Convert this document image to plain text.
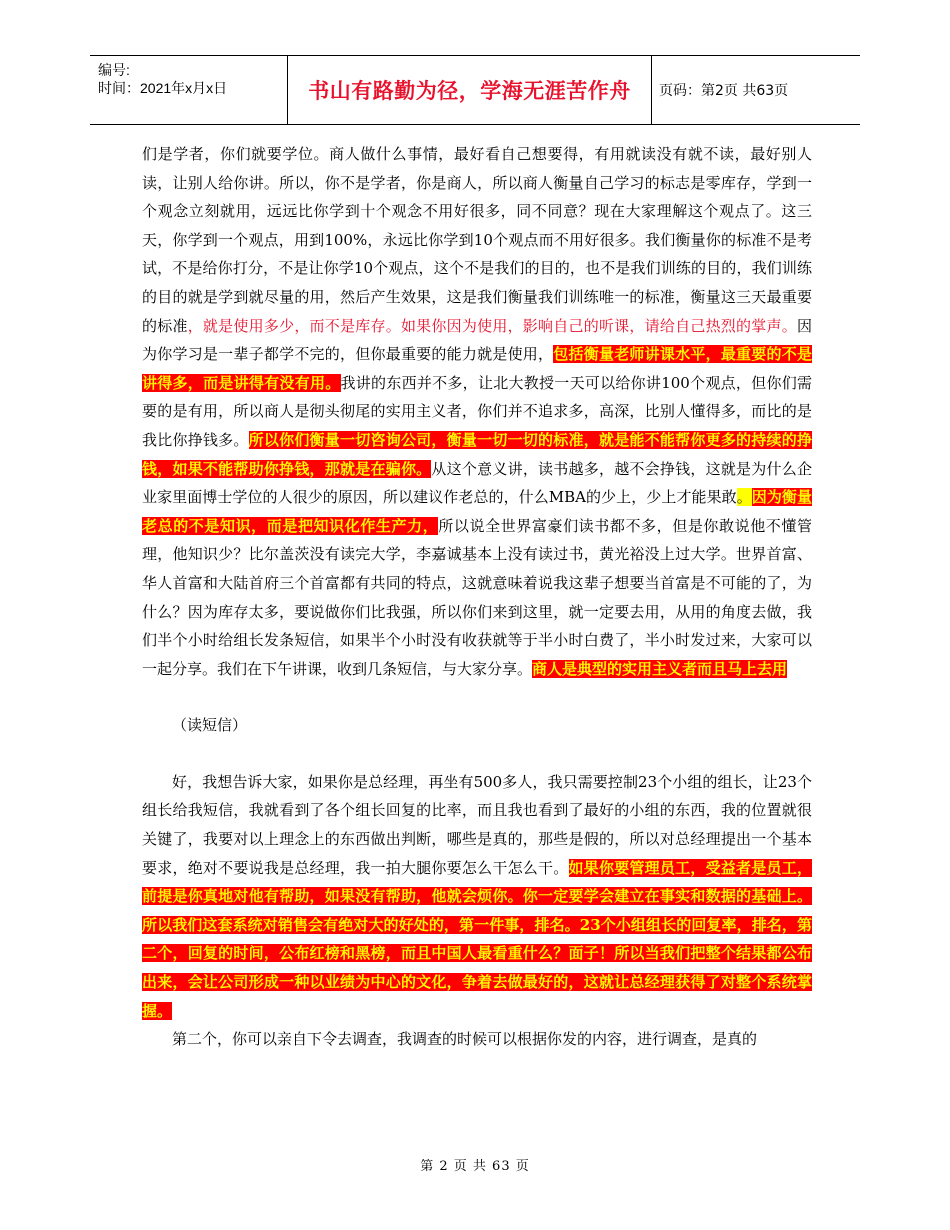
编号:
时间：2021年x月x日	书山有路勤为径，学海无涯苦作舟	页码：第2页 共63页

们是学者，你们就要学位。商人做什么事情，最好看自己想要得，有用就读没有就不读，最好别人读，让别人给你讲。所以，你不是学者，你是商人，所以商人衡量自己学习的标志是零库存，学到一个观念立刻就用，远远比你学到十个观念不用好很多，同不同意？现在大家理解这个观点了。这三天，你学到一个观点，用到100%，永远比你学到10个观点而不用好很多。我们衡量你的标准不是考试，不是给你打分，不是让你学10个观点，这个不是我们的目的，也不是我们训练的目的，我们训练的目的就是学到就尽量的用，然后产生效果，这是我们衡量我们训练唯一的标准，衡量这三天最重要的标准，就是使用多少，而不是库存。如果你因为使用，影响自己的听课，请给自己热烈的掌声。因为你学习是一辈子都学不完的，但你最重要的能力就是使用，包括衡量老师讲课水平，最重要的不是讲得多，而是讲得有没有用。我讲的东西并不多，让北大教授一天可以给你讲100个观点，但你们需要的是有用，所以商人是彻头彻尾的实用主义者，你们并不追求多，高深，比别人懂得多，而比的是我比你挣钱多。所以你们衡量一切咨询公司，衡量一切一切的标准，就是能不能帮你更多的持续的挣钱，如果不能帮助你挣钱，那就是在骗你。从这个意义讲，读书越多，越不会挣钱，这就是为什么企业家里面博士学位的人很少的原因，所以建议作老总的，什么MBA的少上，少上才能果敢。因为衡量老总的不是知识，而是把知识化作生产力，所以说全世界富豪们读书都不多，但是你敢说他不懂管理，他知识少？比尔盖茨没有读完大学，李嘉诚基本上没有读过书，黄光裕没上过大学。世界首富、华人首富和大陆首府三个首富都有共同的特点，这就意味着说我这辈子想要当首富是不可能的了，为什么？因为库存太多，要说做你们比我强，所以你们来到这里，就一定要去用，从用的角度去做，我们半个小时给组长发条短信，如果半个小时没有收获就等于半小时白费了，半小时发过来，大家可以一起分享。我们在下午讲课，收到几条短信，与大家分享。商人是典型的实用主义者而且马上去用

（读短信）

好，我想告诉大家，如果你是总经理，再坐有500多人，我只需要控制23个小组的组长，让23个组长给我短信，我就看到了各个组长回复的比率，而且我也看到了最好的小组的东西，我的位置就很关键了，我要对以上理念上的东西做出判断，哪些是真的，那些是假的，所以对总经理提出一个基本要求，绝对不要说我是总经理，我一拍大腿你要怎么干怎么干。如果你要管理员工，受益者是员工，前提是你真地对他有帮助，如果没有帮助，他就会烦你。你一定要学会建立在事实和数据的基础上。所以我们这套系统对销售会有绝对大的好处的，第一件事，排名。23个小组组长的回复率，排名，第二个，回复的时间，公布红榜和黑榜，而且中国人最看重什么？面子！所以当我们把整个结果都公布出来，会让公司形成一种以业绩为中心的文化，争着去做最好的，这就让总经理获得了对整个系统掌握。

第二个，你可以亲自下令去调查，我调查的时候可以根据你发的内容，进行调查，是真的

第 2 页 共 63 页
